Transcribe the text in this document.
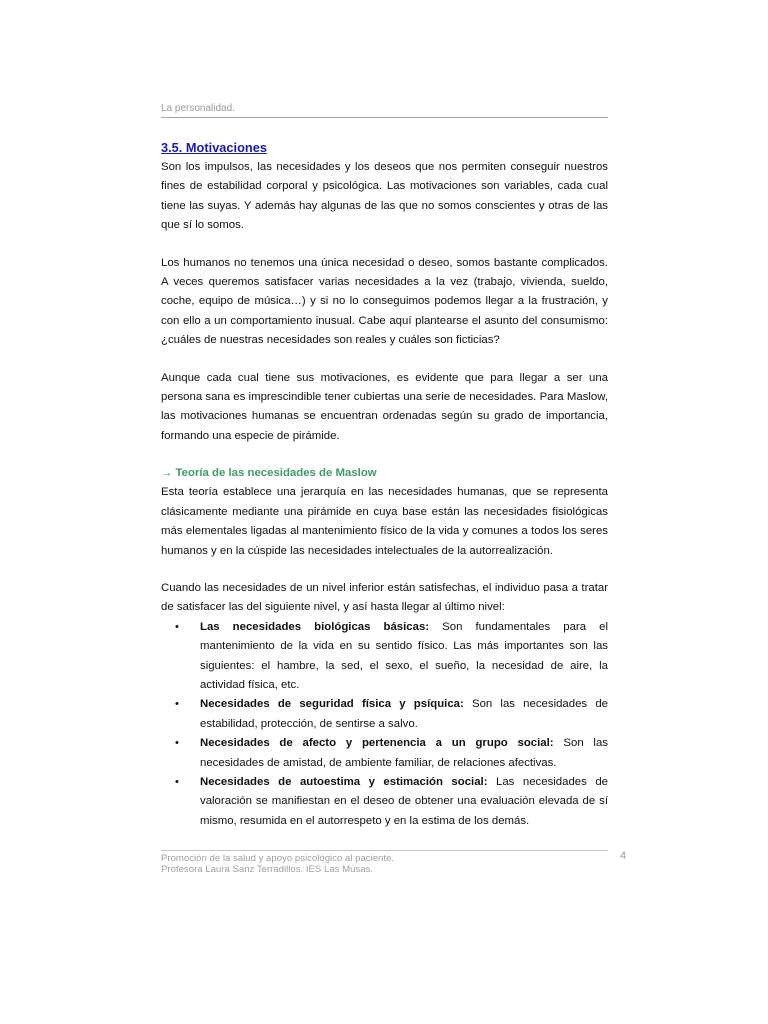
La personalidad.
3.5. Motivaciones

Son los impulsos, las necesidades y los deseos que nos permiten conseguir nuestros fines de estabilidad corporal y psicológica. Las motivaciones son variables, cada cual tiene las suyas. Y además hay algunas de las que no somos conscientes y otras de las que sí lo somos.

Los humanos no tenemos una única necesidad o deseo, somos bastante complicados. A veces queremos satisfacer varias necesidades a la vez (trabajo, vivienda, sueldo, coche, equipo de música…) y si no lo conseguimos podemos llegar a la frustración, y con ello a un comportamiento inusual. Cabe aquí plantearse el asunto del consumismo: ¿cuáles de nuestras necesidades son reales y cuáles son ficticias?

Aunque cada cual tiene sus motivaciones, es evidente que para llegar a ser una persona sana es imprescindible tener cubiertas una serie de necesidades. Para Maslow, las motivaciones humanas se encuentran ordenadas según su grado de importancia, formando una especie de pirámide.

→ Teoría de las necesidades de Maslow

Esta teoría establece una jerarquía en las necesidades humanas, que se representa clásicamente mediante una pirámide en cuya base están las necesidades fisiológicas más elementales ligadas al mantenimiento físico de la vida y comunes a todos los seres humanos y en la cúspide las necesidades intelectuales de la autorrealización.

Cuando las necesidades de un nivel inferior están satisfechas, el individuo pasa a tratar de satisfacer las del siguiente nivel, y así hasta llegar al último nivel:

• Las necesidades biológicas básicas: Son fundamentales para el mantenimiento de la vida en su sentido físico. Las más importantes son las siguientes: el hambre, la sed, el sexo, el sueño, la necesidad de aire, la actividad física, etc.
• Necesidades de seguridad física y psíquica: Son las necesidades de estabilidad, protección, de sentirse a salvo.
• Necesidades de afecto y pertenencia a un grupo social: Son las necesidades de amistad, de ambiente familiar, de relaciones afectivas.
• Necesidades de autoestima y estimación social: Las necesidades de valoración se manifiestan en el deseo de obtener una evaluación elevada de sí mismo, resumida en el autorrespeto y en la estima de los demás.
Promoción de la salud y apoyo psicológico al paciente.
Profesora Laura Sanz Terradillos. IES Las Musas.
4
